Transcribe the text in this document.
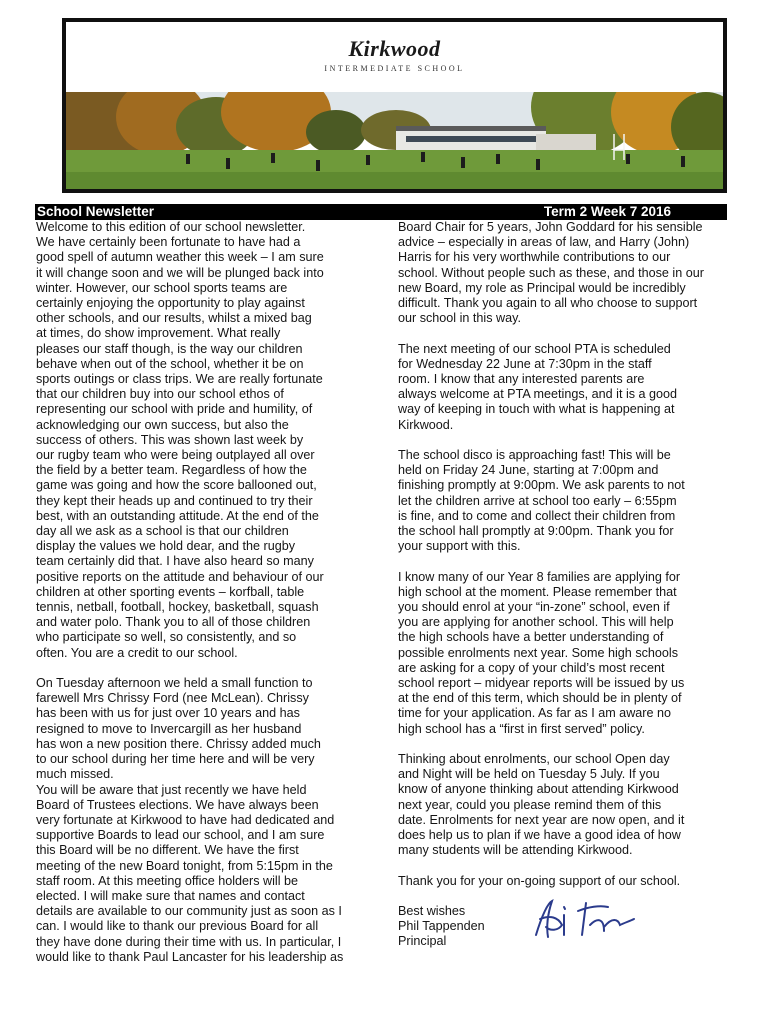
Kirkwood
INTERMEDIATE SCHOOL
School Newsletter	Term 2 Week 7 2016

Welcome to this edition of our school newsletter.
We have certainly been fortunate to have had a
good spell of autumn weather this week – I am sure
it will change soon and we will be plunged back into
winter. However, our school sports teams are
certainly enjoying the opportunity to play against
other schools, and our results, whilst a mixed bag
at times, do show improvement. What really
pleases our staff though, is the way our children
behave when out of the school, whether it be on
sports outings or class trips. We are really fortunate
that our children buy into our school ethos of
representing our school with pride and humility, of
acknowledging our own success, but also the
success of others. This was shown last week by
our rugby team who were being outplayed all over
the field by a better team. Regardless of how the
game was going and how the score ballooned out,
they kept their heads up and continued to try their
best, with an outstanding attitude. At the end of the
day all we ask as a school is that our children
display the values we hold dear, and the rugby
team certainly did that. I have also heard so many
positive reports on the attitude and behaviour of our
children at other sporting events – korfball, table
tennis, netball, football, hockey, basketball, squash
and water polo. Thank you to all of those children
who participate so well, so consistently, and so
often. You are a credit to our school.

On Tuesday afternoon we held a small function to
farewell Mrs Chrissy Ford (nee McLean). Chrissy
has been with us for just over 10 years and has
resigned to move to Invercargill as her husband
has won a new position there. Chrissy added much
to our school during her time here and will be very
much missed.

You will be aware that just recently we have held
Board of Trustees elections. We have always been
very fortunate at Kirkwood to have had dedicated and
supportive Boards to lead our school, and I am sure
this Board will be no different. We have the first
meeting of the new Board tonight, from 5:15pm in the
staff room. At this meeting office holders will be
elected. I will make sure that names and contact
details are available to our community just as soon as I
can. I would like to thank our previous Board for all
they have done during their time with us. In particular, I
would like to thank Paul Lancaster for his leadership as

Board Chair for 5 years, John Goddard for his sensible
advice – especially in areas of law, and Harry (John)
Harris for his very worthwhile contributions to our
school. Without people such as these, and those in our
new Board, my role as Principal would be incredibly
difficult. Thank you again to all who choose to support
our school in this way.

The next meeting of our school PTA is scheduled
for Wednesday 22 June at 7:30pm in the staff
room. I know that any interested parents are
always welcome at PTA meetings, and it is a good
way of keeping in touch with what is happening at
Kirkwood.

The school disco is approaching fast! This will be
held on Friday 24 June, starting at 7:00pm and
finishing promptly at 9:00pm. We ask parents to not
let the children arrive at school too early – 6:55pm
is fine, and to come and collect their children from
the school hall promptly at 9:00pm. Thank you for
your support with this.

I know many of our Year 8 families are applying for
high school at the moment. Please remember that
you should enrol at your “in-zone” school, even if
you are applying for another school. This will help
the high schools have a better understanding of
possible enrolments next year. Some high schools
are asking for a copy of your child’s most recent
school report – midyear reports will be issued by us
at the end of this term, which should be in plenty of
time for your application. As far as I am aware no
high school has a “first in first served” policy.

Thinking about enrolments, our school Open day
and Night will be held on Tuesday 5 July. If you
know of anyone thinking about attending Kirkwood
next year, could you please remind them of this
date. Enrolments for next year are now open, and it
does help us to plan if we have a good idea of how
many students will be attending Kirkwood.

Thank you for your on-going support of our school.

Best wishes
Phil Tappenden
Principal
